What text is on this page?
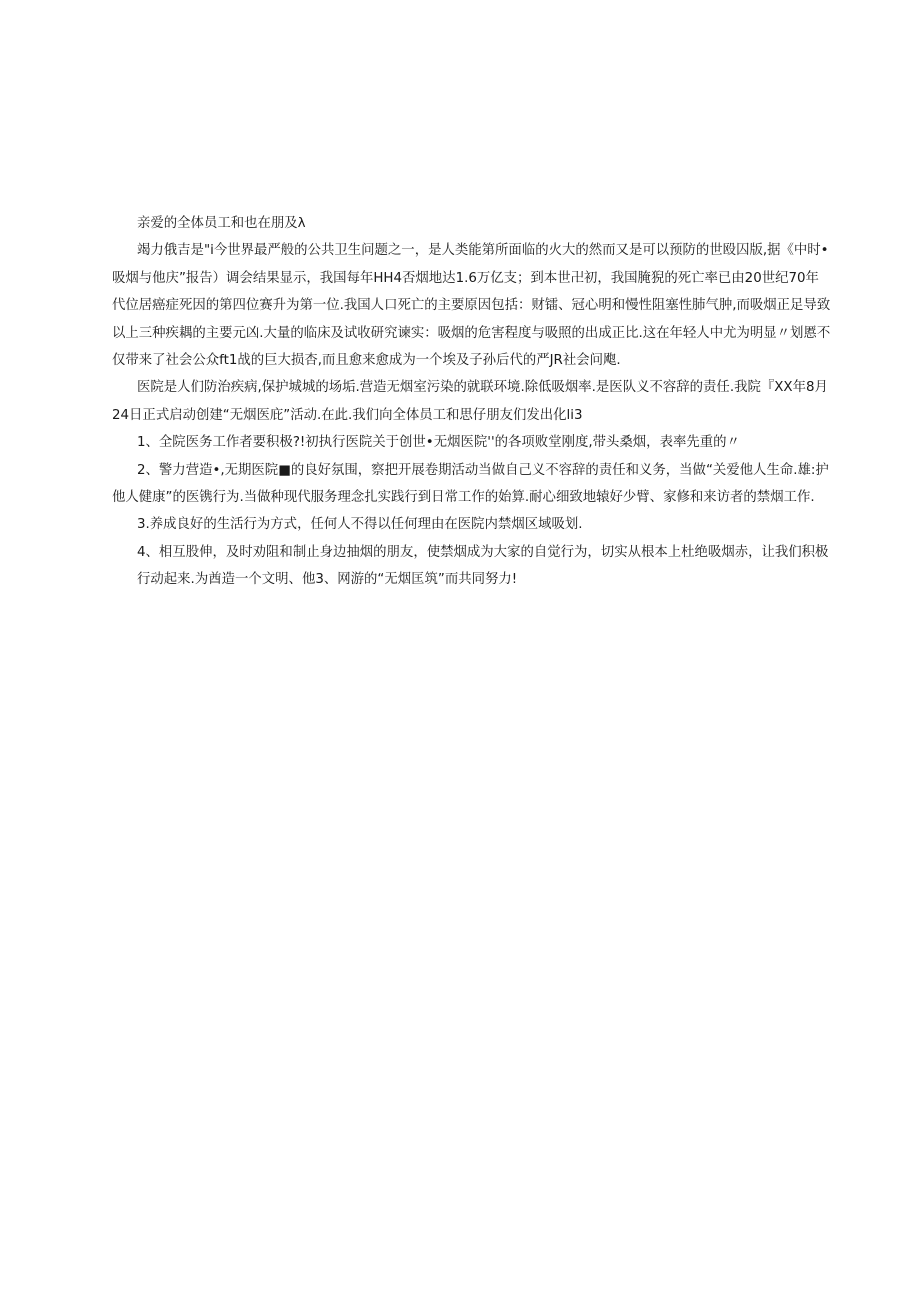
亲爱的全体员工和也在朋及λ
竭力俄吉是"i今世界最严般的公共卫生问题之一，是人类能第所面临的火大的然而又是可以预防的世殴囚版,据《中时•
吸烟与他庆”报告）调会结果显示，我国每年HH4否烟地达1.6万亿支；到本世卍初，我国腌猊的死亡率已由20世纪70年
代位居癌症死因的第四位赛升为第一位.我国人口死亡的主要原因包括：财镭、冠心明和慢性阻塞性肺气肿,而吸烟正足导致
以上三种疾耦的主要元凶.大量的临床及试收研究谏实：吸烟的危害程度与吸照的出成正比.这在年轻人中尤为明显〃划慝不
仅带来了社会公众ft1战的巨大损杏,而且愈来愈成为一个埃及子孙后代的严JR社会问飑.
医院是人们防治疾病,保护城城的场垢.营造无烟室污染的就联环境.除低吸烟率.是医队义不容辞的责任.我院『XX年8月
24日正式启动创建“无烟医庇”活动.在此.我们向全体员工和思仔朋友们发出化li3
1、全院医务工作者要积极?!初执行医院关于创世•无烟医院''的各项败堂刚度,带头桑烟，表率先重的〃
2、警力营造•,无期医院■的良好氛围，察把开展卷期活动当做自己义不容辞的责任和义务，当做“关爱他人生命.雄:护
他人健康”的医镌行为.当做种现代服务理念扎实践行到日常工作的始算.耐心细致地辕好少臂、家修和来访者的禁烟工作.
3.养成良好的生活行为方式，任何人不得以任何理由在医院内禁烟区域吸划.
4、相互股伸，及时劝阻和制止身边抽烟的朋友，使禁烟成为大家的自觉行为，切实从根本上杜绝吸烟赤，让我们积极
行动起来.为酋造一个文明、他3、网游的“无烟匡筑”而共同努力!
